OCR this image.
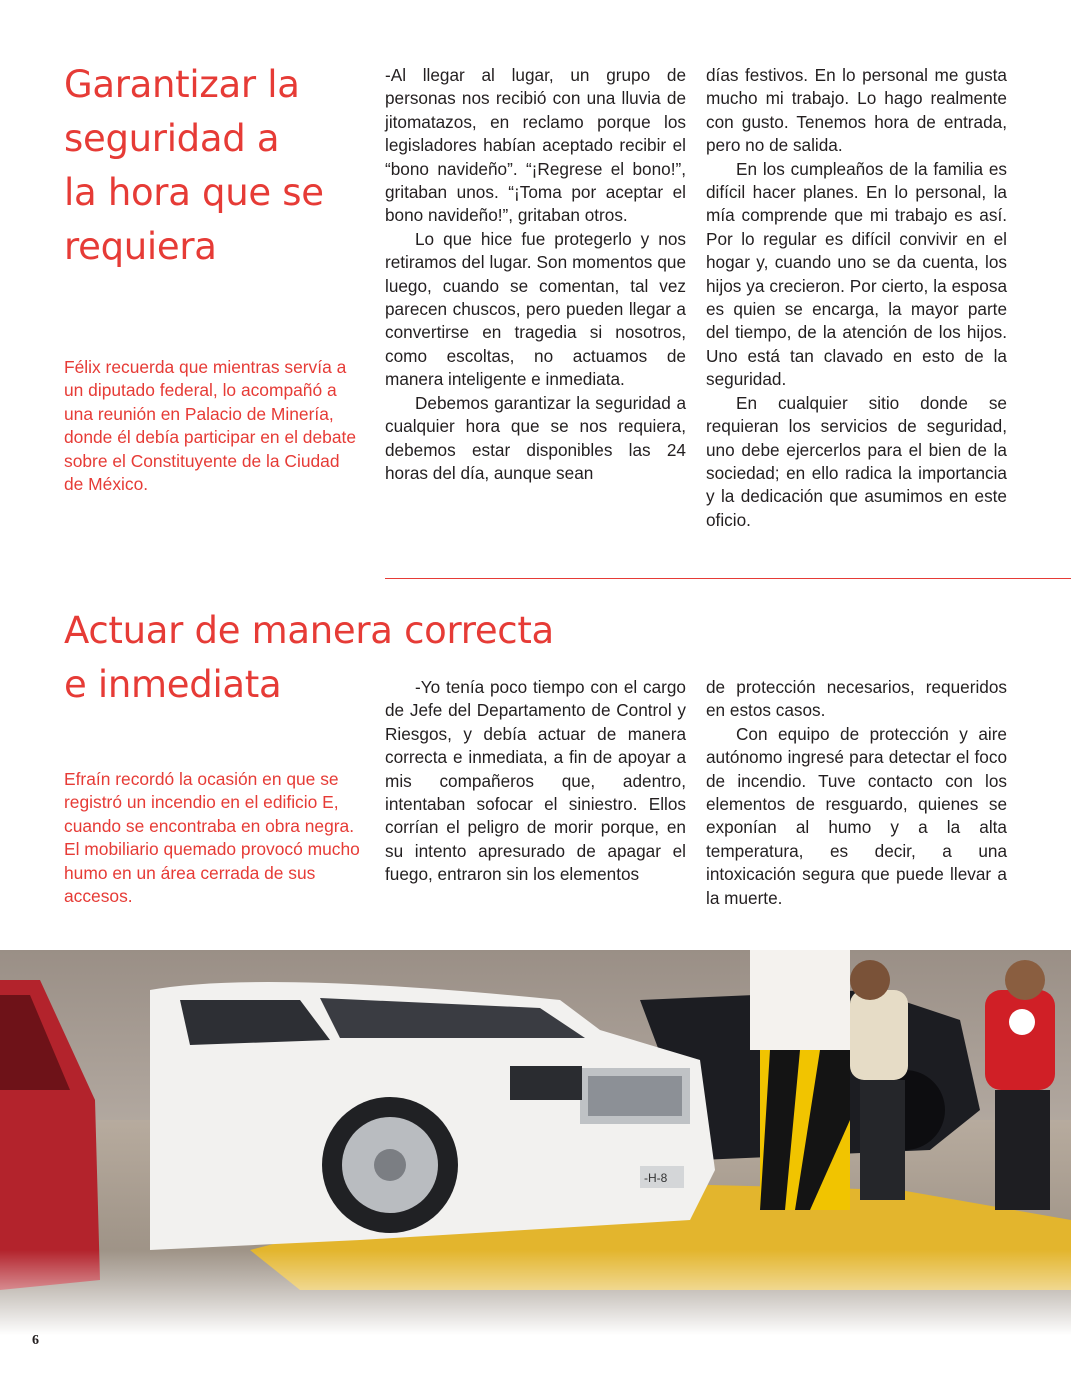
Garantizar la
seguridad a
la hora que se
requiera

Félix recuerda que mientras servía a un diputado federal, lo acompañó a una reunión en Palacio de Minería, donde él debía participar en el debate sobre el Constituyente de la Ciudad de México.

-Al llegar al lugar, un grupo de personas nos recibió con una lluvia de jitomatazos, en reclamo porque los legisladores habían aceptado recibir el “bono navideño”. “¡Regrese el bono!”, gritaban unos. “¡Toma por aceptar el bono navideño!”, gritaban otros.

Lo que hice fue protegerlo y nos retiramos del lugar. Son momentos que luego, cuando se comentan, tal vez parecen chuscos, pero pueden llegar a convertirse en tragedia si nosotros, como escoltas, no actuamos de manera inteligente e inmediata.

Debemos garantizar la seguridad a cualquier hora que se nos requiera, debemos estar disponibles las 24 horas del día, aunque sean

días festivos. En lo personal me gusta mucho mi trabajo. Lo hago realmente con gusto. Tenemos hora de entrada, pero no de salida.

En los cumpleaños de la familia es difícil hacer planes. En lo personal, la mía comprende que mi trabajo es así. Por lo regular es difícil convivir en el hogar y, cuando uno se da cuenta, los hijos ya crecieron. Por cierto, la esposa es quien se encarga, la mayor parte del tiempo, de la atención de los hijos. Uno está tan clavado en esto de la seguridad.

En cualquier sitio donde se requieran los servicios de seguridad, uno debe ejercerlos para el bien de la sociedad; en ello radica la importancia y la dedicación que asumimos en este oficio.

Actuar de manera correcta
e inmediata

Efraín recordó la ocasión en que se registró un incendio en el edificio E, cuando se encontraba en obra negra. El mobiliario quemado provocó mucho humo en un área cerrada de sus accesos.

-Yo tenía poco tiempo con el cargo de Jefe del Departamento de Control y Riesgos, y debía actuar de manera correcta e inmediata, a fin de apoyar a mis compañeros que, adentro, intentaban sofocar el siniestro. Ellos corrían el peligro de morir porque, en su intento apresurado de apagar el fuego, entraron sin los elementos

de protección necesarios, requeridos en estos casos.

Con equipo de protección y aire autónomo ingresé para detectar el foco de incendio. Tuve contacto con los elementos de resguardo, quienes se exponían al humo y a la alta temperatura, es decir, a una intoxicación segura que puede llevar a la muerte.

-H-8
6
